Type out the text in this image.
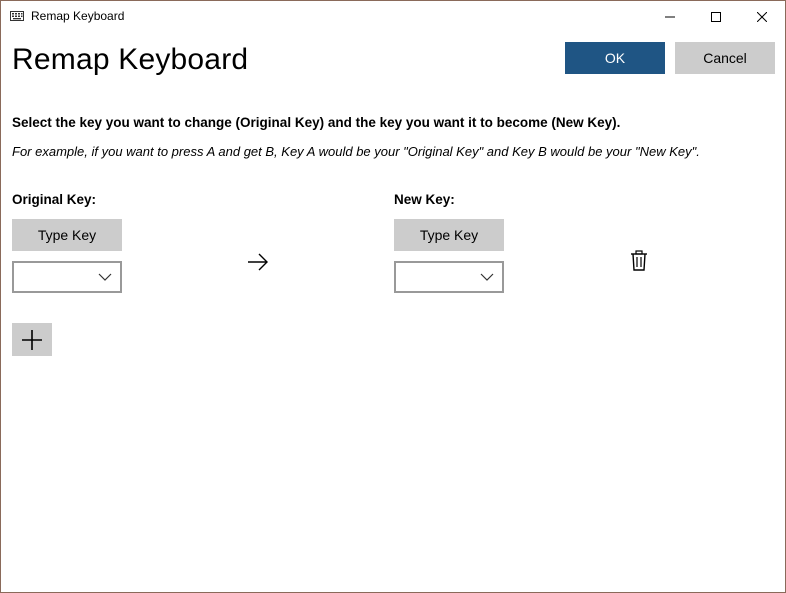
Remap Keyboard
Remap Keyboard	OK	Cancel
Select the key you want to change (Original Key) and the key you want it to become (New Key).
For example, if you want to press A and get B, Key A would be your "Original Key" and Key B would be your "New Key".
Original Key:	New Key:
Type Key	Type Key
